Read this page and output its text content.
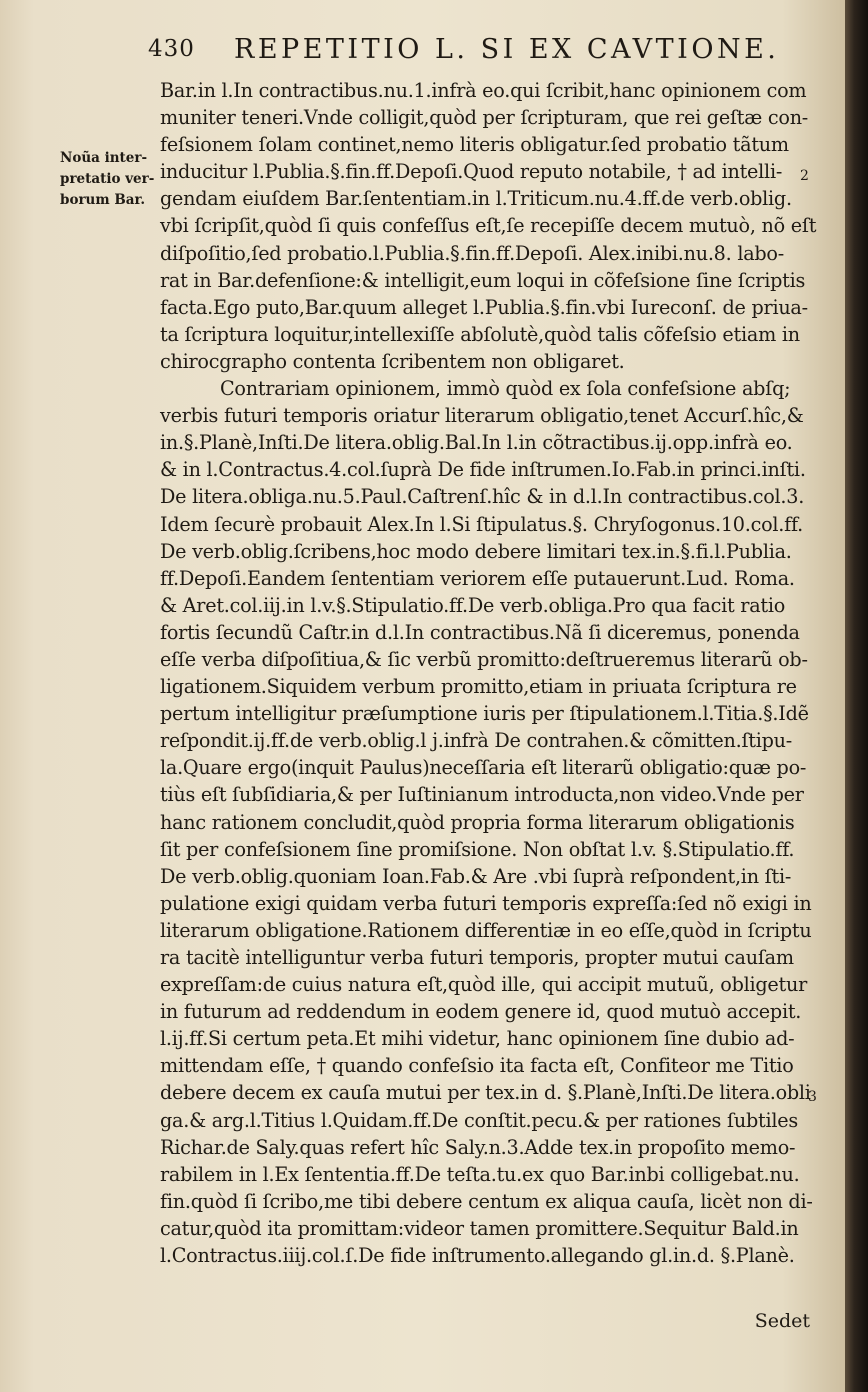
430 REPETITIO L. SI EX CAVTIONE.
Noũa inter-
pretatio ver-
borum Bar.
2
3
Bar.in l.In contractibus.nu.1.infrà eo.qui ſcribit,hanc opinionem com
muniter teneri.Vnde colligit,quòd per ſcripturam, que rei geſtæ con-
feſsionem ſolam continet,nemo literis obligatur.ſed probatio tãtum
inducitur l.Publia.§.fin.ff.Depoſi.Quod reputo notabile, † ad intelli-
gendam eiuſdem Bar.ſententiam.in l.Triticum.nu.4.ff.de verb.oblig.
vbi ſcripſit,quòd ſi quis confeſſus eſt,ſe recepiſſe decem mutuò, nõ eſt
diſpoſitio,ſed probatio.l.Publia.§.fin.ff.Depoſi. Alex.inibi.nu.8. labo-
rat in Bar.defenſione:& intelligit,eum loqui in cõfeſsione ſine ſcriptis
facta.Ego puto,Bar.quum alleget l.Publia.§.fin.vbi Iureconſ. de priua-
ta ſcriptura loquitur,intellexiſſe abſolutè,quòd talis cõfeſsio etiam in
chirocgrapho contenta ſcribentem non obligaret.
Contrariam opinionem, immò quòd ex ſola confeſsione abſq;
verbis futuri temporis oriatur literarum obligatio,tenet Accurſ.hîc,&
in.§.Planè,Inſti.De litera.oblig.Bal.In l.in cõtractibus.ij.opp.infrà eo.
& in l.Contractus.4.col.ſuprà De fide inſtrumen.Io.Fab.in princi.inſti.
De litera.obliga.nu.5.Paul.Caſtrenſ.hîc & in d.l.In contractibus.col.3.
Idem ſecurè probauit Alex.In l.Si ſtipulatus.§. Chryſogonus.10.col.ff.
De verb.oblig.ſcribens,hoc modo debere limitari tex.in.§.fi.l.Publia.
ff.Depoſi.Eandem ſententiam veriorem eſſe putauerunt.Lud. Roma.
& Aret.col.iij.in l.v.§.Stipulatio.ff.De verb.obliga.Pro qua facit ratio
fortis ſecundũ Caſtr.in d.l.In contractibus.Nã ſi diceremus, ponenda
eſſe verba diſpoſitiua,& ſic verbũ promitto:deſtrueremus literarũ ob-
ligationem.Siquidem verbum promitto,etiam in priuata ſcriptura re
pertum intelligitur præſumptione iuris per ſtipulationem.l.Titia.§.Idẽ
reſpondit.ij.ff.de verb.oblig.l j.infrà De contrahen.& cõmitten.ſtipu-
la.Quare ergo(inquit Paulus)neceſſaria eſt literarũ obligatio:quæ po-
tiùs eſt ſubſidiaria,& per Iuſtinianum introducta,non video.Vnde per
hanc rationem concludit,quòd propria forma literarum obligationis
ſit per confeſsionem ſine promiſsione. Non obſtat l.v. §.Stipulatio.ff.
De verb.oblig.quoniam Ioan.Fab.& Are .vbi ſuprà reſpondent,in ſti-
pulatione exigi quidam verba futuri temporis expreſſa:ſed nõ exigi in
literarum obligatione.Rationem differentiæ in eo eſſe,quòd in ſcriptu
ra tacitè intelliguntur verba futuri temporis, propter mutui cauſam
expreſſam:de cuius natura eſt,quòd ille, qui accipit mutuũ, obligetur
in futurum ad reddendum in eodem genere id, quod mutuò accepit.
l.ij.ff.Si certum peta.Et mihi videtur, hanc opinionem ſine dubio ad-
mittendam eſſe, † quando confeſsio ita facta eſt, Confiteor me Titio
debere decem ex cauſa mutui per tex.in d. §.Planè,Inſti.De litera.obli
ga.& arg.l.Titius l.Quidam.ff.De conſtit.pecu.& per rationes ſubtiles
Richar.de Saly.quas refert hîc Saly.n.3.Adde tex.in propoſito memo-
rabilem in l.Ex ſententia.ff.De teſta.tu.ex quo Bar.inbi colligebat.nu.
fin.quòd ſi ſcribo,me tibi debere centum ex aliqua cauſa, licèt non di-
catur,quòd ita promittam:videor tamen promittere.Sequitur Bald.in
l.Contractus.iiij.col.ſ.De fide inſtrumento.allegando gl.in.d. §.Planè.
Sedet
